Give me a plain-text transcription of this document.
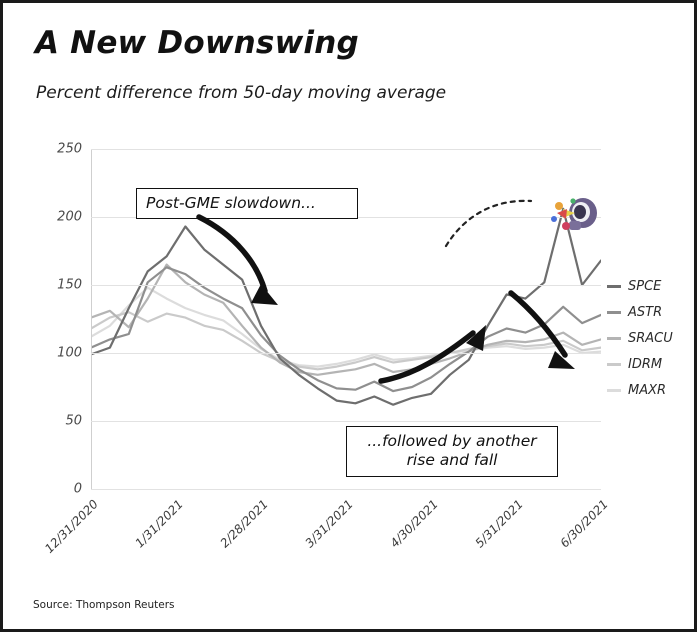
A New Downswing
Percent difference from 50-day moving average
0
50
100
150
200
250
12/31/2020	1/31/2021	2/28/2021	3/31/2021	4/30/2021	5/31/2021	6/30/2021
SPCE
ASTR
SRACU
IDRM
MAXR
Post-GME slowdown...
...followed by another rise and fall
Source: Thompson Reuters
